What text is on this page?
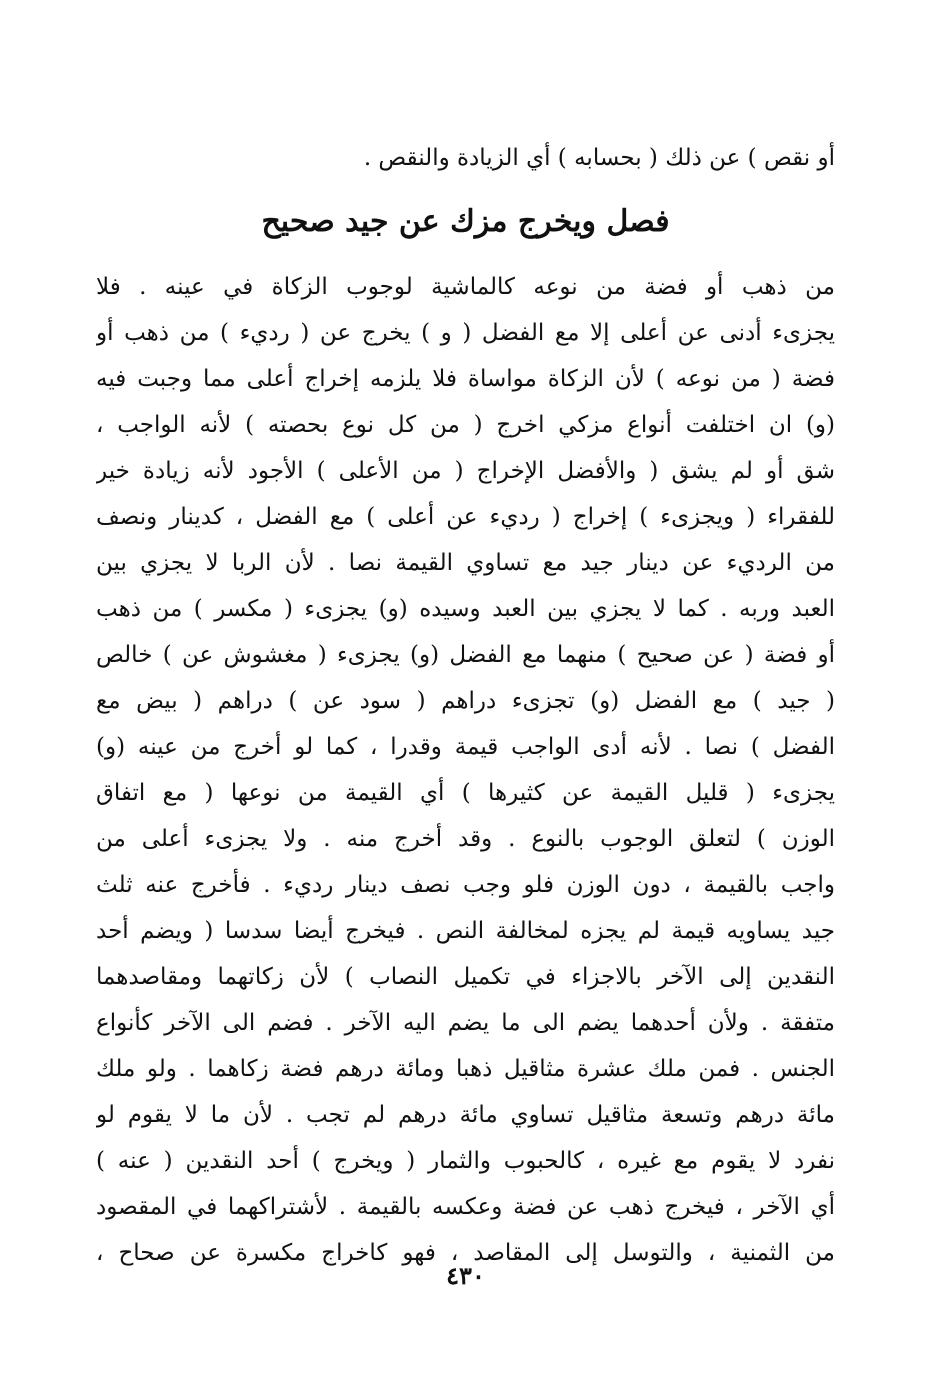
أو نقص ) عن ذلك ( بحسابه ) أي الزيادة والنقص .
فصل ويخرج مزك عن جيد صحيح
من ذهب أو فضة من نوعه كالماشية لوجوب الزكاة في عينه . فلا
يجزىء أدنى عن أعلى إلا مع الفضل ( و ) يخرج عن ( رديء ) من ذهب أو
فضة ( من نوعه ) لأن الزكاة مواساة فلا يلزمه إخراج أعلى مما وجبت فيه
(و) ان اختلفت أنواع مزكي اخرج ( من كل نوع بحصته ) لأنه الواجب ،
شق أو لم يشق ( والأفضل الإخراج ( من الأعلى ) الأجود لأنه زيادة خير
للفقراء ( ويجزىء ) إخراج ( رديء عن أعلى ) مع الفضل ، كدينار ونصف
من الرديء عن دينار جيد مع تساوي القيمة نصا . لأن الربا لا يجزي بين
العبد وربه . كما لا يجزي بين العبد وسيده (و) يجزىء ( مكسر ) من ذهب
أو فضة ( عن صحيح ) منهما مع الفضل (و) يجزىء ( مغشوش عن ) خالص
( جيد ) مع الفضل (و) تجزىء دراهم ( سود عن ) دراهم ( بيض مع
الفضل ) نصا . لأنه أدى الواجب قيمة وقدرا ، كما لو أخرج من عينه (و)
يجزىء ( قليل القيمة عن كثيرها ) أي القيمة من نوعها ( مع اتفاق
الوزن ) لتعلق الوجوب بالنوع . وقد أخرج منه . ولا يجزىء أعلى من
واجب بالقيمة ، دون الوزن فلو وجب نصف دينار رديء . فأخرج عنه ثلث
جيد يساويه قيمة لم يجزه لمخالفة النص . فيخرج أيضا سدسا ( ويضم أحد
النقدين إلى الآخر بالاجزاء في تكميل النصاب ) لأن زكاتهما ومقاصدهما
متفقة . ولأن أحدهما يضم الى ما يضم اليه الآخر . فضم الى الآخر كأنواع
الجنس . فمن ملك عشرة مثاقيل ذهبا ومائة درهم فضة زكاهما . ولو ملك
مائة درهم وتسعة مثاقيل تساوي مائة درهم لم تجب . لأن ما لا يقوم لو
نفرد لا يقوم مع غيره ، كالحبوب والثمار ( ويخرج ) أحد النقدين ( عنه )
أي الآخر ، فيخرج ذهب عن فضة وعكسه بالقيمة . لأشتراكهما في المقصود
من الثمنية ، والتوسل إلى المقاصد ، فهو كاخراج مكسرة عن صحاح ،
٤٣٠
